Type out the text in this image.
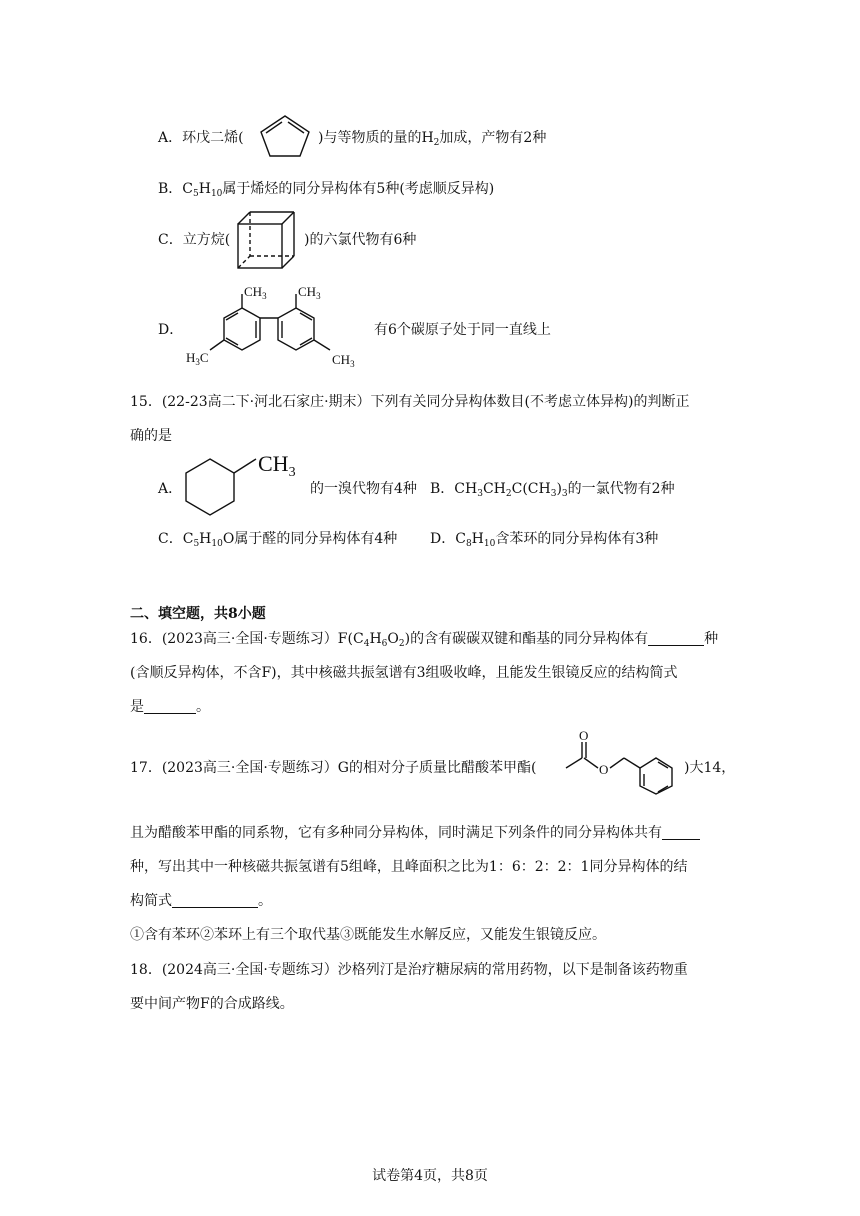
A．环戊二烯(	)与等物质的量的$H_2$加成，产物有2种
B．$C_5H_{10}$属于烯烃的同分异构体有5种(考虑顺反异构)
C．立方烷(	)的六氯代物有6种
D．
$CH_3$ $CH_3$
$H_3C$	$CH_3$
有6个碳原子处于同一直线上
15．(22-23高二下·河北石家庄·期末）下列有关同分异构体数目(不考虑立体异构)的判断正
确的是
A．
$CH_3$
的一溴代物有4种 B．$CH_3CH_2C(CH_3)_3$的一氯代物有2种
C．$C_5H_{10}O$属于醛的同分异构体有4种 D．$C_8H_{10}$含苯环的同分异构体有3种
二、填空题，共8小题
16．(2023高三·全国·专题练习）$F(C_4H_6O_2)$的含有碳碳双键和酯基的同分异构体有	种
(含顺反异构体，不含F)，其中核磁共振氢谱有3组吸收峰，且能发生银镜反应的结构简式
是	。
17．(2023高三·全国·专题练习）G的相对分子质量比醋酸苯甲酯(
O
O	)大14，
且为醋酸苯甲酯的同系物，它有多种同分异构体，同时满足下列条件的同分异构体共有
种，写出其中一种核磁共振氢谱有5组峰，且峰面积之比为1：6：2：2：1同分异构体的结
构简式	。
①含有苯环②苯环上有三个取代基③既能发生水解反应，又能发生银镜反应。
18．(2024高三·全国·专题练习）沙格列汀是治疗糖尿病的常用药物，以下是制备该药物重
要中间产物F的合成路线。
试卷第4页，共8页
